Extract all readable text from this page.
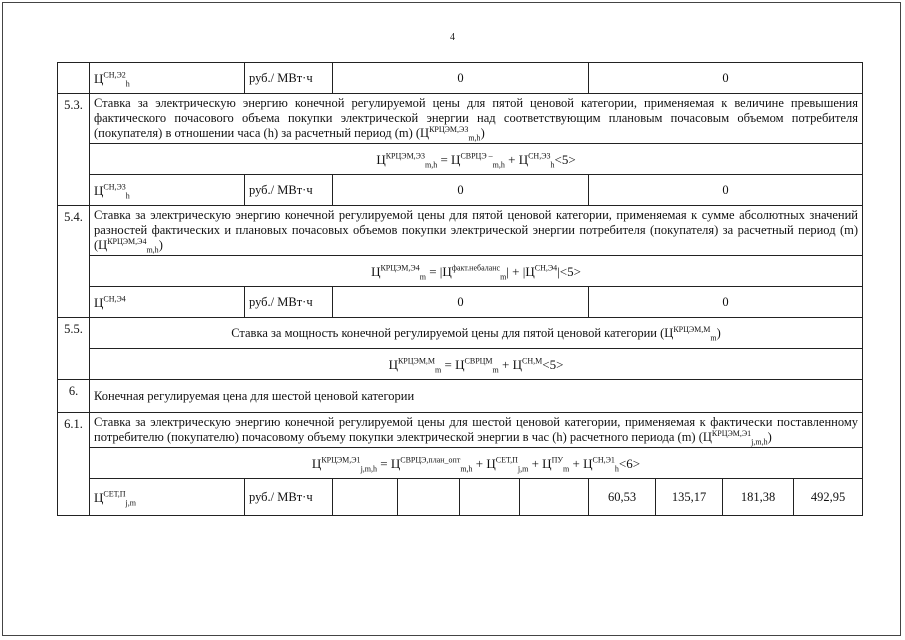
4
	$Ц^{СН,Э2}_h$	руб./ МВт·ч	0				0			
5.3.	Ставка за электрическую энергию конечной регулируемой цены для пятой ценовой категории, применяемая к величине превышения фактического почасового объема покупки электрической энергии над соответствующим плановым почасовым объемом потребителя (покупателя) в отношении часа (h) за расчетный период (m) $(Ц^{КРЦЭМ,Э3}_{m,h})$									
	$Ц^{КРЦЭМ,Э3}_{m,h} = Ц^{СВРЦЭ -}_{m,h} + Ц^{СН,Э3}_h<5>$									
	$Ц^{СН,Э3}_h$	руб./ МВт·ч	0				0			
5.4.	Ставка за электрическую энергию конечной регулируемой цены для пятой ценовой категории, применяемая к сумме абсолютных значений разностей фактических и плановых почасовых объемов покупки электрической энергии потребителя (покупателя) за расчетный период (m) $(Ц^{КРЦЭМ,Э4}_{m,h})$									
	$Ц^{КРЦЭМ,Э4}_m = |Ц^{факт.небаланс}_m| + |Ц^{СН,Э4}|<5>$									
	$Ц^{СН,Э4}$	руб./ МВт·ч	0				0			
5.5.	Ставка за мощность конечной регулируемой цены для пятой ценовой категории $(Ц^{КРЦЭМ,М}_m)$									
	$Ц^{КРЦЭМ,М}_m = Ц^{СВРЦМ}_m + Ц^{СН,М}<5>$									
6.	Конечная регулируемая цена для шестой ценовой категории									
6.1.	Ставка за электрическую энергию конечной регулируемой цены для шестой ценовой категории, применяемая к фактически поставленному потребителю (покупателю) почасовому объему покупки электрической энергии в час (h) расчетного периода (m) $(Ц^{КРЦЭМ,Э1}_{j,m,h})$									
	$Ц^{КРЦЭМ,Э1}_{j,m,h} = Ц^{СВРЦЭ,план\_опт}_{m,h} + Ц^{СЕТ,П}_{j,m} + Ц^{ПУ}_m + Ц^{СН,Э1}_h<6>$									
	$Ц^{СЕТ,П}_{j,m}$	руб./ МВт·ч					60,53	135,17	181,38	492,95
